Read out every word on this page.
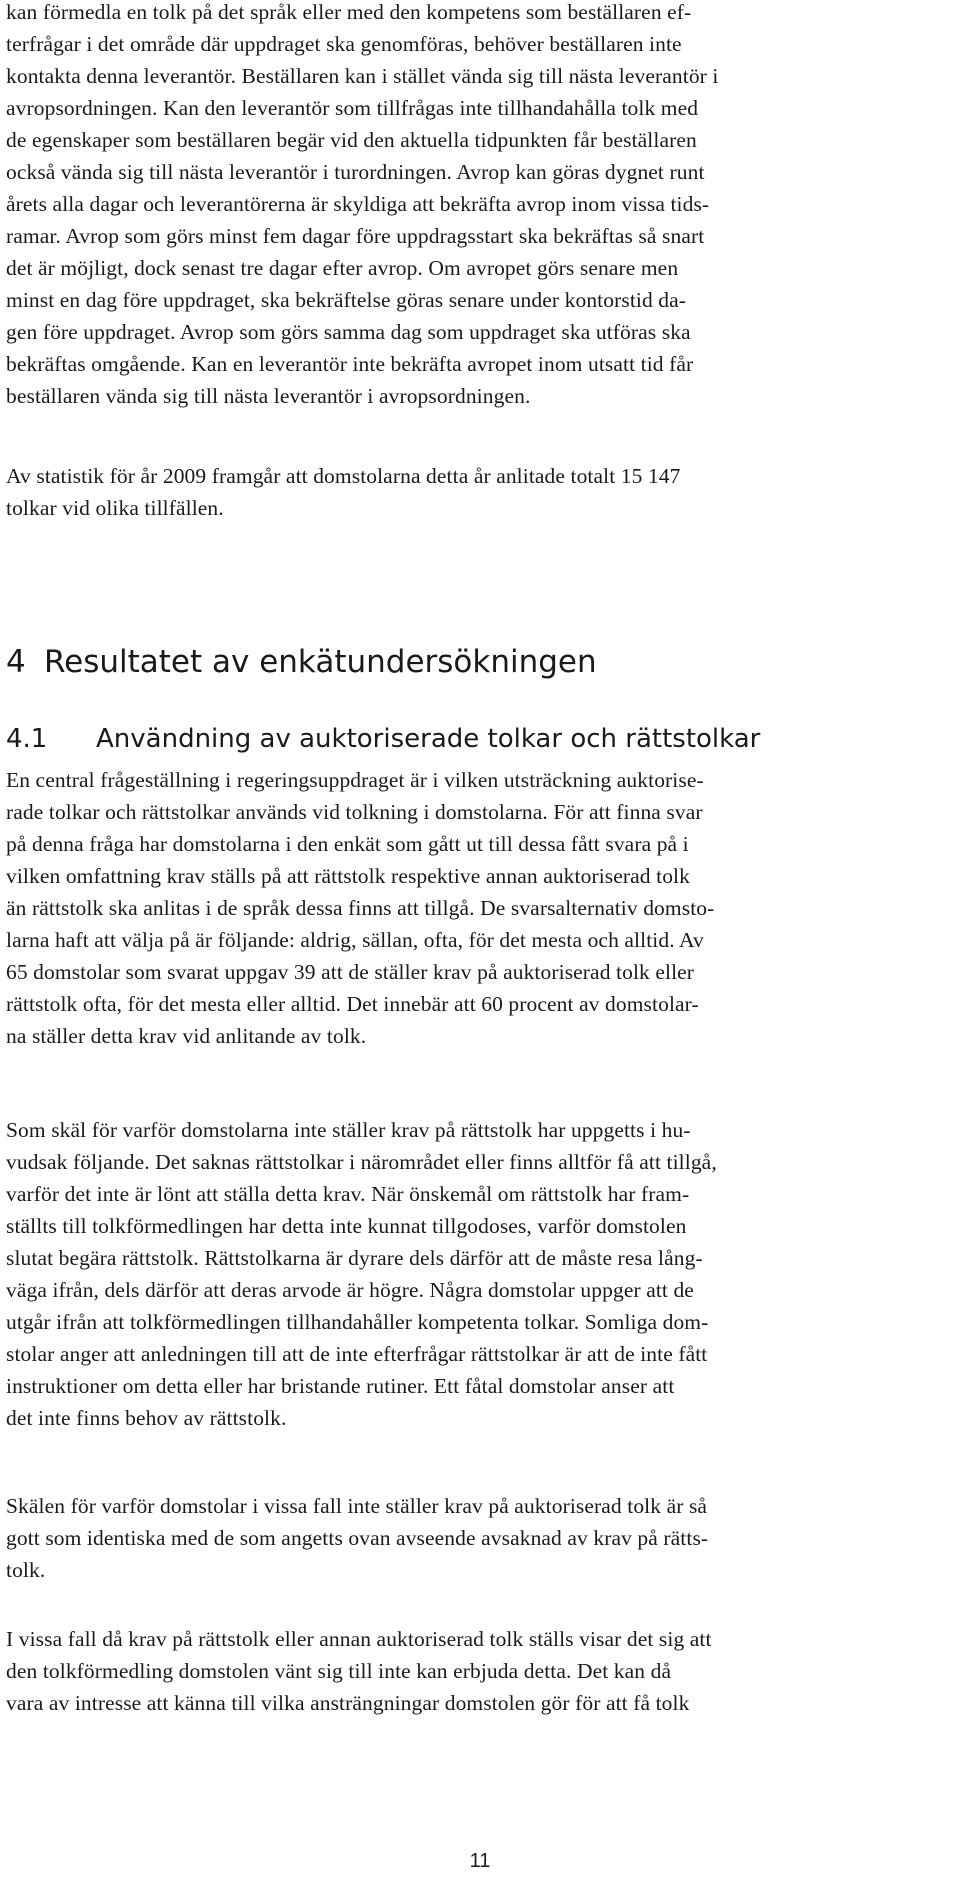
kan förmedla en tolk på det språk eller med den kompetens som beställaren ef-
terfrågar i det område där uppdraget ska genomföras, behöver beställaren inte
kontakta denna leverantör. Beställaren kan i stället vända sig till nästa leverantör i
avropsordningen. Kan den leverantör som tillfrågas inte tillhandahålla tolk med
de egenskaper som beställaren begär vid den aktuella tidpunkten får beställaren
också vända sig till nästa leverantör i turordningen. Avrop kan göras dygnet runt
årets alla dagar och leverantörerna är skyldiga att bekräfta avrop inom vissa tids-
ramar. Avrop som görs minst fem dagar före uppdragsstart ska bekräftas så snart
det är möjligt, dock senast tre dagar efter avrop. Om avropet görs senare men
minst en dag före uppdraget, ska bekräftelse göras senare under kontorstid da-
gen före uppdraget. Avrop som görs samma dag som uppdraget ska utföras ska
bekräftas omgående. Kan en leverantör inte bekräfta avropet inom utsatt tid får
beställaren vända sig till nästa leverantör i avropsordningen.

Av statistik för år 2009 framgår att domstolarna detta år anlitade totalt 15 147
tolkar vid olika tillfällen.

4 Resultatet av enkätundersökningen
4.1 Användning av auktoriserade tolkar och rättstolkar

En central frågeställning i regeringsuppdraget är i vilken utsträckning auktorise-
rade tolkar och rättstolkar används vid tolkning i domstolarna. För att finna svar
på denna fråga har domstolarna i den enkät som gått ut till dessa fått svara på i
vilken omfattning krav ställs på att rättstolk respektive annan auktoriserad tolk
än rättstolk ska anlitas i de språk dessa finns att tillgå. De svarsalternativ domsto-
larna haft att välja på är följande: aldrig, sällan, ofta, för det mesta och alltid. Av
65 domstolar som svarat uppgav 39 att de ställer krav på auktoriserad tolk eller
rättstolk ofta, för det mesta eller alltid. Det innebär att 60 procent av domstolar-
na ställer detta krav vid anlitande av tolk.

Som skäl för varför domstolarna inte ställer krav på rättstolk har uppgetts i hu-
vudsak följande. Det saknas rättstolkar i närområdet eller finns alltför få att tillgå,
varför det inte är lönt att ställa detta krav. När önskemål om rättstolk har fram-
ställts till tolkförmedlingen har detta inte kunnat tillgodoses, varför domstolen
slutat begära rättstolk. Rättstolkarna är dyrare dels därför att de måste resa lång-
väga ifrån, dels därför att deras arvode är högre. Några domstolar uppger att de
utgår ifrån att tolkförmedlingen tillhandahåller kompetenta tolkar. Somliga dom-
stolar anger att anledningen till att de inte efterfrågar rättstolkar är att de inte fått
instruktioner om detta eller har bristande rutiner. Ett fåtal domstolar anser att
det inte finns behov av rättstolk.

Skälen för varför domstolar i vissa fall inte ställer krav på auktoriserad tolk är så
gott som identiska med de som angetts ovan avseende avsaknad av krav på rätts-
tolk.

I vissa fall då krav på rättstolk eller annan auktoriserad tolk ställs visar det sig att
den tolkförmedling domstolen vänt sig till inte kan erbjuda detta. Det kan då
vara av intresse att känna till vilka ansträngningar domstolen gör för att få tolk

11
